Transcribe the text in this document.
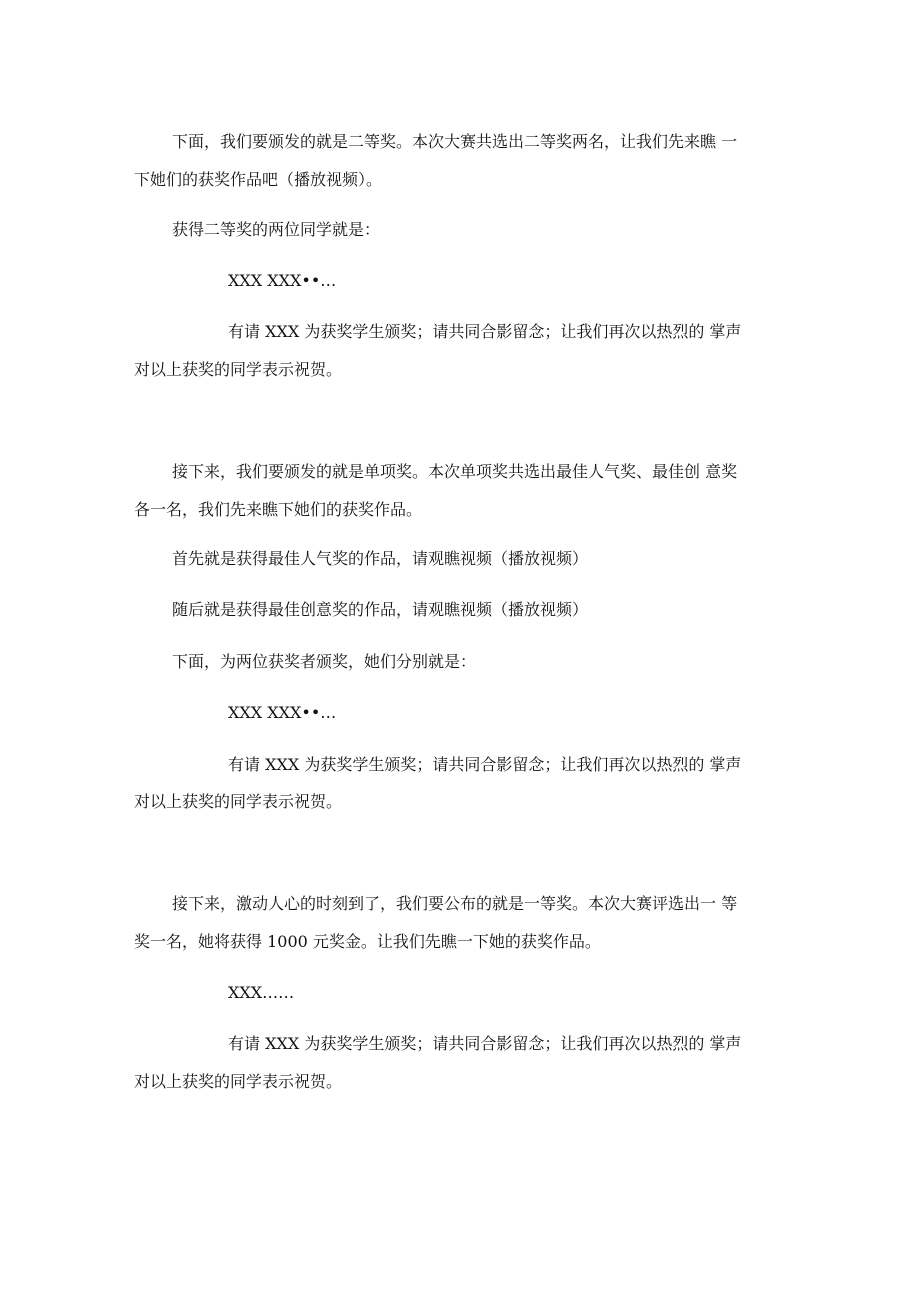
下面，我们要颁发的就是二等奖。本次大赛共选出二等奖两名，让我们先来瞧 一
下她们的获奖作品吧（播放视频）。
获得二等奖的两位同学就是：
XXX XXX••…
有请 XXX 为获奖学生颁奖；请共同合影留念；让我们再次以热烈的 掌声
对以上获奖的同学表示祝贺。
接下来，我们要颁发的就是单项奖。本次单项奖共选出最佳人气奖、最佳创 意奖
各一名，我们先来瞧下她们的获奖作品。
首先就是获得最佳人气奖的作品，请观瞧视频（播放视频）
随后就是获得最佳创意奖的作品，请观瞧视频（播放视频）
下面，为两位获奖者颁奖，她们分别就是：
XXX XXX••…
有请 XXX 为获奖学生颁奖；请共同合影留念；让我们再次以热烈的 掌声
对以上获奖的同学表示祝贺。
接下来，激动人心的时刻到了，我们要公布的就是一等奖。本次大赛评选出一 等
奖一名，她将获得 1000 元奖金。让我们先瞧一下她的获奖作品。
XXX……
有请 XXX 为获奖学生颁奖；请共同合影留念；让我们再次以热烈的 掌声
对以上获奖的同学表示祝贺。
